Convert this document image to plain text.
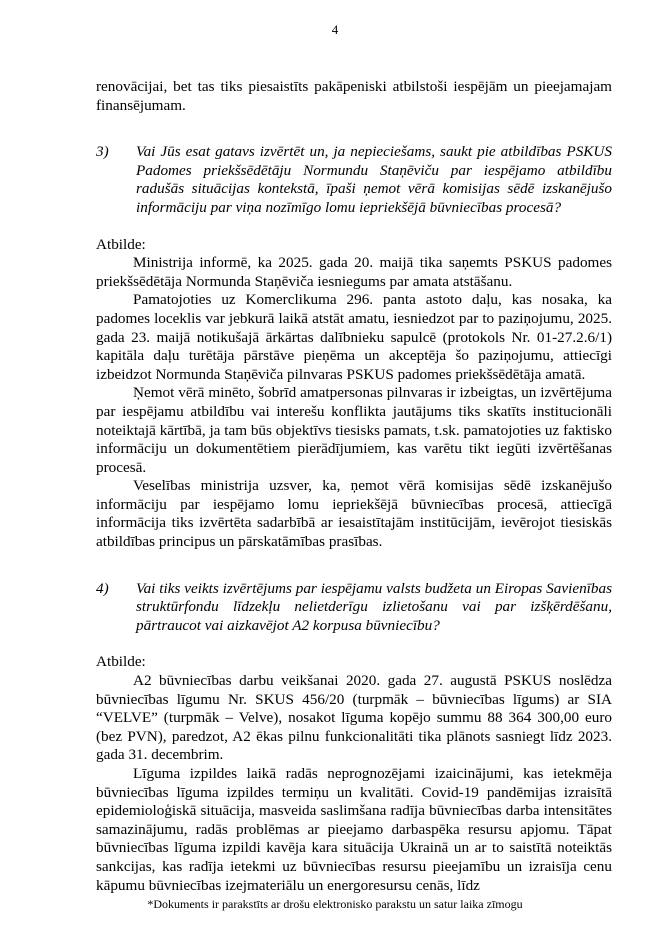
4

renovācijai, bet tas tiks piesaistīts pakāpeniski atbilstoši iespējām un pieejamajam finansējumam.

3) Vai Jūs esat gatavs izvērtēt un, ja nepieciešams, saukt pie atbildības PSKUS Padomes priekšsēdētāju Normundu Staņēviču par iespējamo atbildību radušās situācijas kontekstā, īpaši ņemot vērā komisijas sēdē izskanējušo informāciju par viņa nozīmīgo lomu iepriekšējā būvniecības procesā?

Atbilde:

Ministrija informē, ka 2025. gada 20. maijā tika saņemts PSKUS padomes priekšsēdētāja Normunda Staņēviča iesniegums par amata atstāšanu.

Pamatojoties uz Komerclikuma 296. panta astoto daļu, kas nosaka, ka padomes loceklis var jebkurā laikā atstāt amatu, iesniedzot par to paziņojumu, 2025. gada 23. maijā notikušajā ārkārtas dalībnieku sapulcē (protokols Nr. 01-27.2.6/1) kapitāla daļu turētāja pārstāve pieņēma un akceptēja šo paziņojumu, attiecīgi izbeidzot Normunda Staņēviča pilnvaras PSKUS padomes priekšsēdētāja amatā.

Ņemot vērā minēto, šobrīd amatpersonas pilnvaras ir izbeigtas, un izvērtējuma par iespējamu atbildību vai interešu konflikta jautājums tiks skatīts institucionāli noteiktajā kārtībā, ja tam būs objektīvs tiesisks pamats, t.sk. pamatojoties uz faktisko informāciju un dokumentētiem pierādījumiem, kas varētu tikt iegūti izvērtēšanas procesā.

Veselības ministrija uzsver, ka, ņemot vērā komisijas sēdē izskanējušo informāciju par iespējamo lomu iepriekšējā būvniecības procesā, attiecīgā informācija tiks izvērtēta sadarbībā ar iesaistītajām institūcijām, ievērojot tiesiskās atbildības principus un pārskatāmības prasības.

4) Vai tiks veikts izvērtējums par iespējamu valsts budžeta un Eiropas Savienības struktūrfondu līdzekļu nelietderīgu izlietošanu vai par izšķērdēšanu, pārtraucot vai aizkavējot A2 korpusa būvniecību?

Atbilde:

A2 būvniecības darbu veikšanai 2020. gada 27. augustā PSKUS noslēdza būvniecības līgumu Nr. SKUS 456/20 (turpmāk – būvniecības līgums) ar SIA “VELVE” (turpmāk – Velve), nosakot līguma kopējo summu 88 364 300,00 euro (bez PVN), paredzot, A2 ēkas pilnu funkcionalitāti tika plānots sasniegt līdz 2023. gada 31. decembrim.

Līguma izpildes laikā radās neprognozējami izaicinājumi, kas ietekmēja būvniecības līguma izpildes termiņu un kvalitāti. Covid-19 pandēmijas izraisītā epidemioloģiskā situācija, masveida saslimšana radīja būvniecības darba intensitātes samazinājumu, radās problēmas ar pieejamo darbaspēka resursu apjomu. Tāpat būvniecības līguma izpildi kavēja kara situācija Ukrainā un ar to saistītā noteiktās sankcijas, kas radīja ietekmi uz būvniecības resursu pieejamību un izraisīja cenu kāpumu būvniecības izejmateriālu un energoresursu cenās, līdz

*Dokuments ir parakstīts ar drošu elektronisko parakstu un satur laika zīmogu
